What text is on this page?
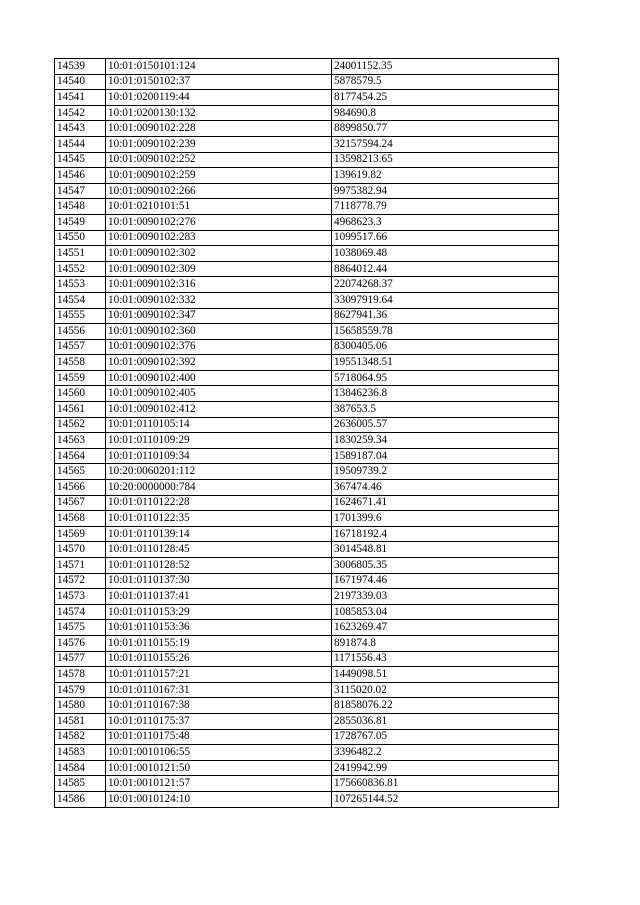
14539	10:01:0150101:124	24001152.35
14540	10:01:0150102:37	5878579.5
14541	10:01:0200119:44	8177454.25
14542	10:01:0200130:132	984690.8
14543	10:01:0090102:228	8899850.77
14544	10:01:0090102:239	32157594.24
14545	10:01:0090102:252	13598213.65
14546	10:01:0090102:259	139619.82
14547	10:01:0090102:266	9975382.94
14548	10:01:0210101:51	7118778.79
14549	10:01:0090102:276	4968623.3
14550	10:01:0090102:283	1099517.66
14551	10:01:0090102:302	1038069.48
14552	10:01:0090102:309	8864012.44
14553	10:01:0090102:316	22074268.37
14554	10:01:0090102:332	33097919.64
14555	10:01:0090102:347	8627941.36
14556	10:01:0090102:360	15658559.78
14557	10:01:0090102:376	8300405.06
14558	10:01:0090102:392	19551348.51
14559	10:01:0090102:400	5718064.95
14560	10:01:0090102:405	13846236.8
14561	10:01:0090102:412	387653.5
14562	10:01:0110105:14	2636005.57
14563	10:01:0110109:29	1830259.34
14564	10:01:0110109:34	1589187.04
14565	10:20:0060201:112	19509739.2
14566	10:20:0000000:784	367474.46
14567	10:01:0110122:28	1624671.41
14568	10:01:0110122:35	1701399.6
14569	10:01:0110139:14	16718192.4
14570	10:01:0110128:45	3014548.81
14571	10:01:0110128:52	3006805.35
14572	10:01:0110137:30	1671974.46
14573	10:01:0110137:41	2197339.03
14574	10:01:0110153:29	1085853.04
14575	10:01:0110153:36	1623269.47
14576	10:01:0110155:19	891874.8
14577	10:01:0110155:26	1171556.43
14578	10:01:0110157:21	1449098.51
14579	10:01:0110167:31	3115020.02
14580	10:01:0110167:38	81858076.22
14581	10:01:0110175:37	2855036.81
14582	10:01:0110175:48	1728767.05
14583	10:01:0010106:55	3396482.2
14584	10:01:0010121:50	2419942.99
14585	10:01:0010121:57	175660836.81
14586	10:01:0010124:10	107265144.52
